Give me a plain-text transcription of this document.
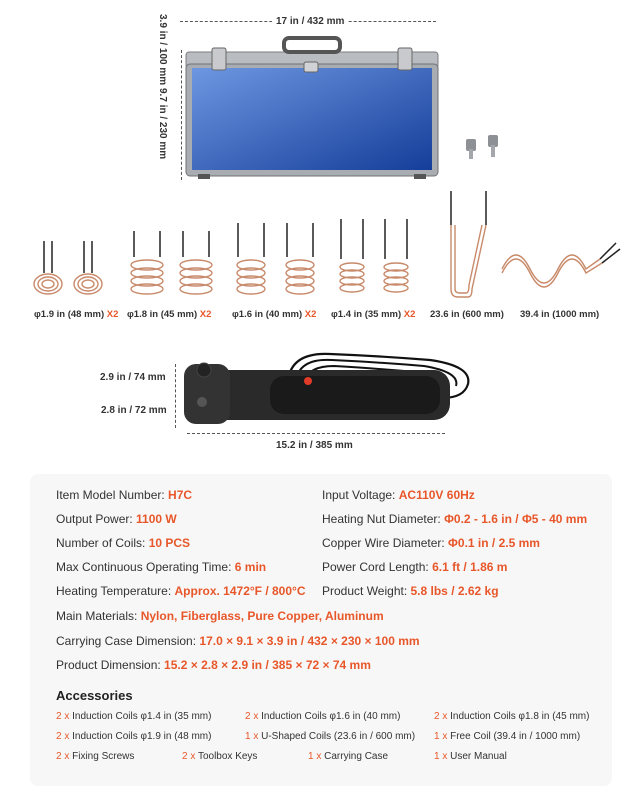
17 in / 432 mm
3.9 in / 100 mm
9.7 in / 230 mm
φ1.9 in (48 mm) X2 φ1.8 in (45 mm) X2 φ1.6 in (40 mm) X2 φ1.4 in (35 mm) X2 23.6 in (600 mm) 39.4 in (1000 mm)
2.9 in / 74 mm
2.8 in / 72 mm
15.2 in / 385 mm
Item Model Number: H7C
Output Power: 1100 W
Number of Coils: 10 PCS
Max Continuous Operating Time: 6 min
Heating Temperature: Approx. 1472°F / 800°C
Input Voltage: AC110V 60Hz
Heating Nut Diameter: Φ0.2 - 1.6 in / Φ5 - 40 mm
Copper Wire Diameter: Φ0.1 in / 2.5 mm
Power Cord Length: 6.1 ft / 1.86 m
Product Weight: 5.8 lbs / 2.62 kg
Main Materials: Nylon, Fiberglass, Pure Copper, Aluminum
Carrying Case Dimension: 17.0 × 9.1 × 3.9 in / 432 × 230 × 100 mm
Product Dimension: 15.2 × 2.8 × 2.9 in / 385 × 72 × 74 mm
Accessories
2 x Induction Coils φ1.4 in (35 mm)	2 x Induction Coils φ1.6 in (40 mm)	2 x Induction Coils φ1.8 in (45 mm)
2 x Induction Coils φ1.9 in (48 mm)	1 x U-Shaped Coils (23.6 in / 600 mm) 1 x Free Coil (39.4 in / 1000 mm)
2 x Fixing Screws	2 x Toolbox Keys	1 x Carrying Case	1 x User Manual
